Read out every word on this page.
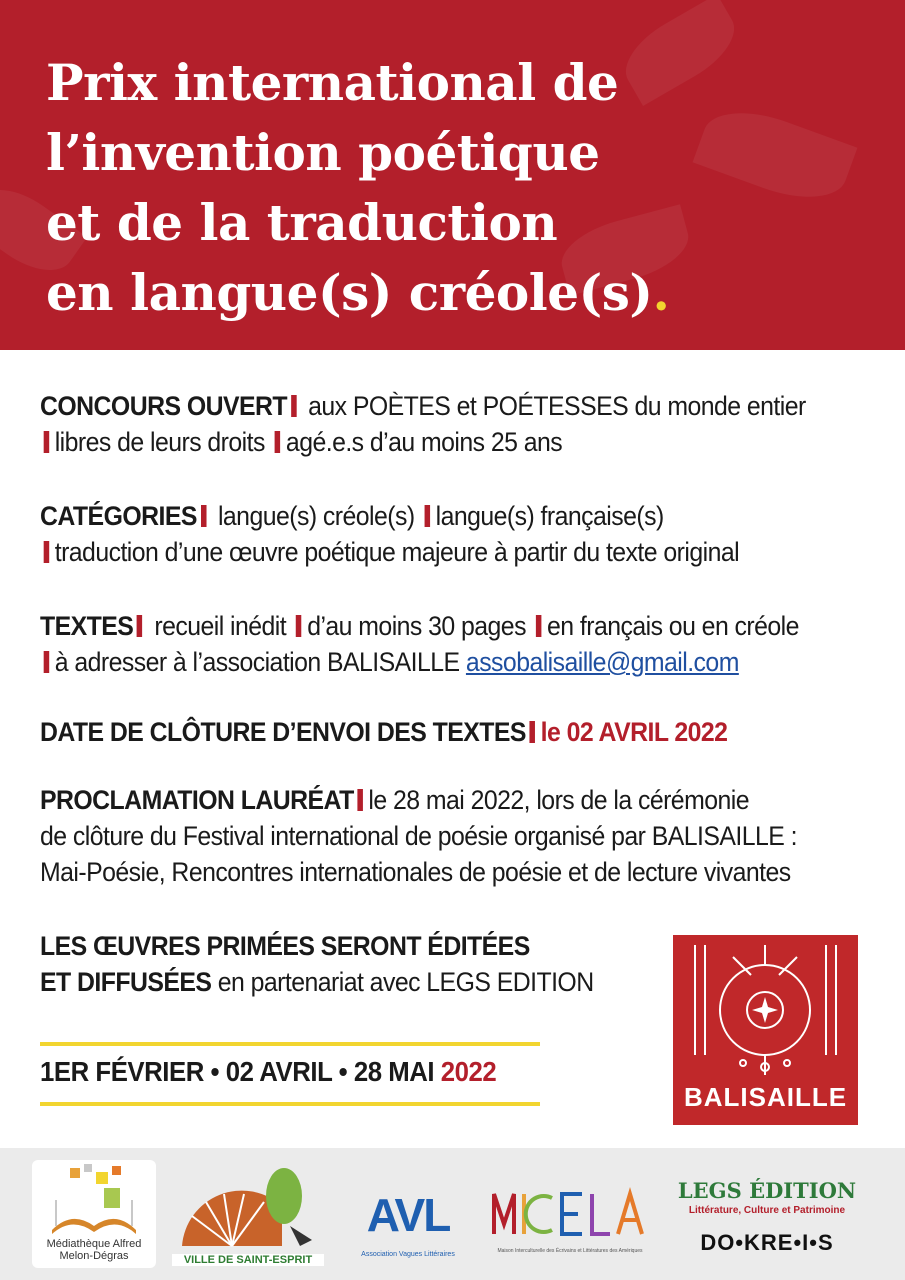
Prix international de
l’invention poétique
et de la traduction
en langue(s) créole(s).
CONCOURS OUVERT aux POÈTES et POÉTESSES du monde entier
libres de leurs droits agé.e.s d’au moins 25 ans
CATÉGORIES langue(s) créole(s) langue(s) française(s)
traduction d’une œuvre poétique majeure à partir du texte original
TEXTES recueil inédit d’au moins 30 pages en français ou en créole
à adresser à l’association BALISAILLE assobalisaille@gmail.com
DATE DE CLÔTURE D’ENVOI DES TEXTES le 02 AVRIL 2022
PROCLAMATION LAURÉAT le 28 mai 2022, lors de la cérémonie
de clôture du Festival international de poésie organisé par BALISAILLE :
Mai-Poésie, Rencontres internationales de poésie et de lecture vivantes
LES ŒUVRES PRIMÉES SERONT ÉDITÉES
ET DIFFUSÉES en partenariat avec LEGS EDITION
1ER FÉVRIER • 02 AVRIL • 28 MAI 2022
BALISAILLE
Médiathèque Alfred Melon-Dégras	VILLE DE SAINT-ESPRIT
AVL
Association Vagues Littéraires	Maison Interculturelle des Écrivains et Littératures des Amériques
LEGS ÉDITION
Littérature, Culture et Patrimoine
DO•KRE•I•S
